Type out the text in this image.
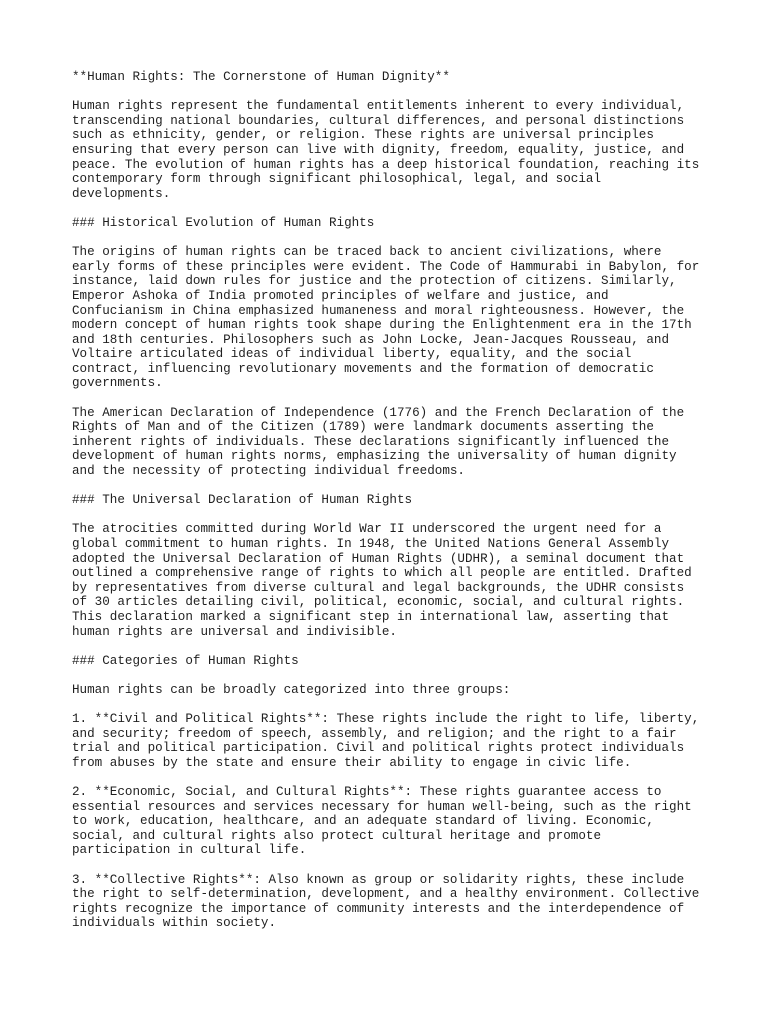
**Human Rights: The Cornerstone of Human Dignity**
Human rights represent the fundamental entitlements inherent to every individual,
transcending national boundaries, cultural differences, and personal distinctions
such as ethnicity, gender, or religion. These rights are universal principles
ensuring that every person can live with dignity, freedom, equality, justice, and
peace. The evolution of human rights has a deep historical foundation, reaching its
contemporary form through significant philosophical, legal, and social
developments.
### Historical Evolution of Human Rights
The origins of human rights can be traced back to ancient civilizations, where
early forms of these principles were evident. The Code of Hammurabi in Babylon, for
instance, laid down rules for justice and the protection of citizens. Similarly,
Emperor Ashoka of India promoted principles of welfare and justice, and
Confucianism in China emphasized humaneness and moral righteousness. However, the
modern concept of human rights took shape during the Enlightenment era in the 17th
and 18th centuries. Philosophers such as John Locke, Jean-Jacques Rousseau, and
Voltaire articulated ideas of individual liberty, equality, and the social
contract, influencing revolutionary movements and the formation of democratic
governments.
The American Declaration of Independence (1776) and the French Declaration of the
Rights of Man and of the Citizen (1789) were landmark documents asserting the
inherent rights of individuals. These declarations significantly influenced the
development of human rights norms, emphasizing the universality of human dignity
and the necessity of protecting individual freedoms.
### The Universal Declaration of Human Rights
The atrocities committed during World War II underscored the urgent need for a
global commitment to human rights. In 1948, the United Nations General Assembly
adopted the Universal Declaration of Human Rights (UDHR), a seminal document that
outlined a comprehensive range of rights to which all people are entitled. Drafted
by representatives from diverse cultural and legal backgrounds, the UDHR consists
of 30 articles detailing civil, political, economic, social, and cultural rights.
This declaration marked a significant step in international law, asserting that
human rights are universal and indivisible.
### Categories of Human Rights
Human rights can be broadly categorized into three groups:
1. **Civil and Political Rights**: These rights include the right to life, liberty,
and security; freedom of speech, assembly, and religion; and the right to a fair
trial and political participation. Civil and political rights protect individuals
from abuses by the state and ensure their ability to engage in civic life.
2. **Economic, Social, and Cultural Rights**: These rights guarantee access to
essential resources and services necessary for human well-being, such as the right
to work, education, healthcare, and an adequate standard of living. Economic,
social, and cultural rights also protect cultural heritage and promote
participation in cultural life.
3. **Collective Rights**: Also known as group or solidarity rights, these include
the right to self-determination, development, and a healthy environment. Collective
rights recognize the importance of community interests and the interdependence of
individuals within society.
